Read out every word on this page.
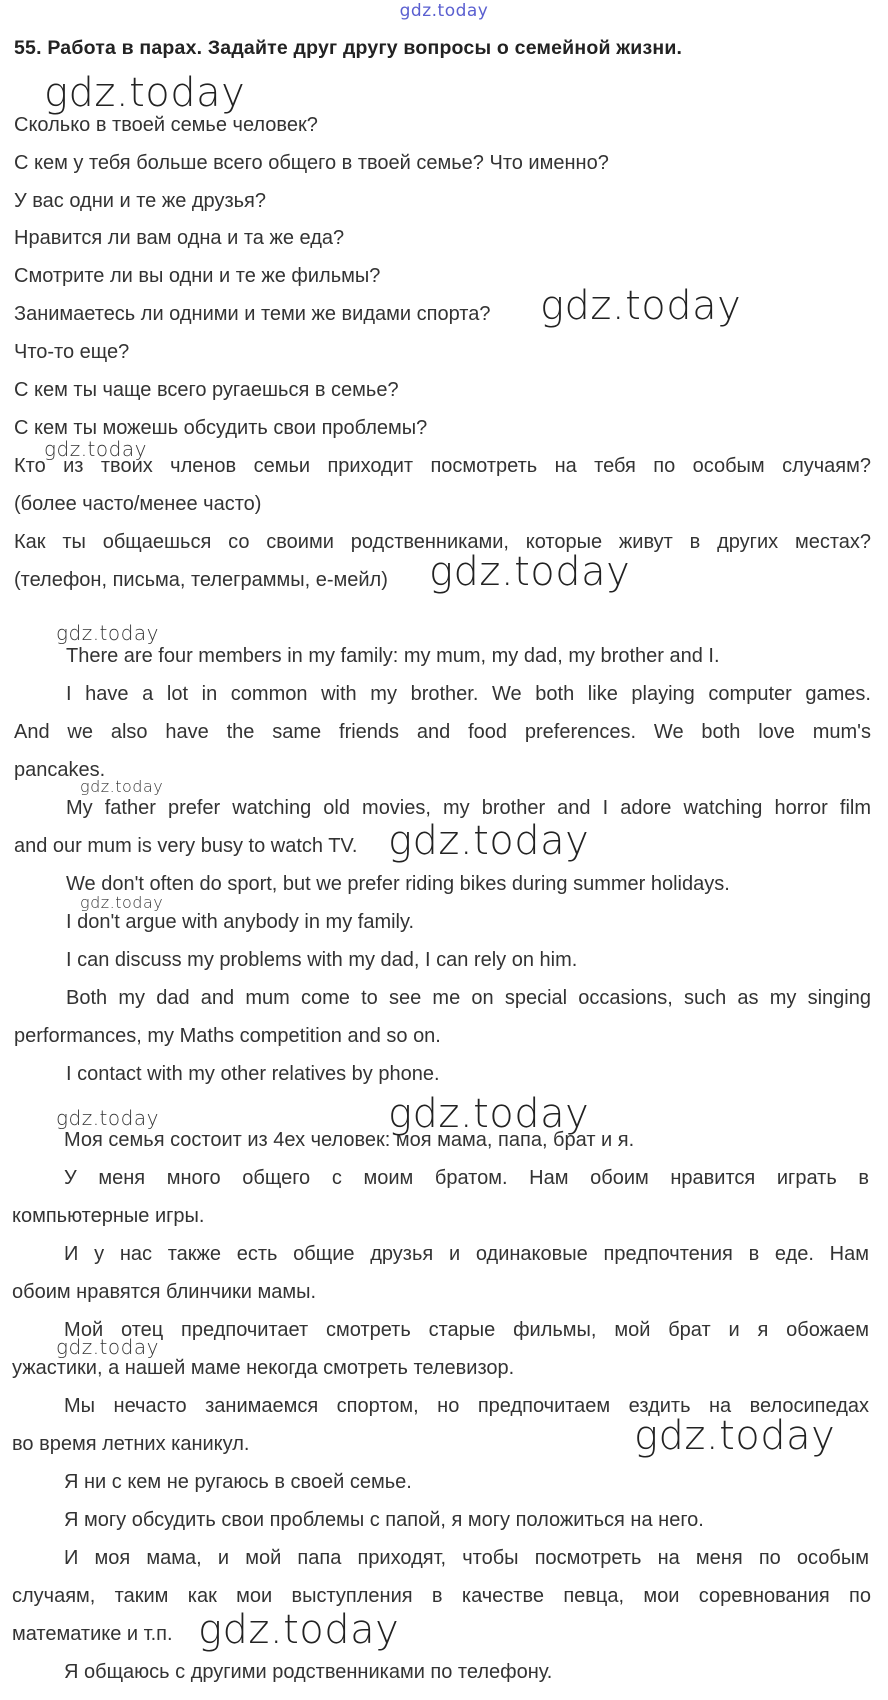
gdz.today
55. Работа в парах. Задайте друг другу вопросы о семейной жизни.
Сколько в твоей семье человек?
С кем у тебя больше всего общего в твоей семье? Что именно?
У вас одни и те же друзья?
Нравится ли вам одна и та же еда?
Смотрите ли вы одни и те же фильмы?
Занимаетесь ли одними и теми же видами спорта?
Что-то еще?
С кем ты чаще всего ругаешься в семье?
С кем ты можешь обсудить свои проблемы?
Кто из твоих членов семьи приходит посмотреть на тебя по особым случаям?
(более часто/менее часто)
Как ты общаешься со своими родственниками, которые живут в других местах?
(телефон, письма, телеграммы, е-мейл)
There are four members in my family: my mum, my dad, my brother and I.
I have a lot in common with my brother. We both like playing computer games.
And we also have the same friends and food preferences. We both love mum's
pancakes.
My father prefer watching old movies, my brother and I adore watching horror film
and our mum is very busy to watch TV.
We don't often do sport, but we prefer riding bikes during summer holidays.
I don't argue with anybody in my family.
I can discuss my problems with my dad, I can rely on him.
Both my dad and mum come to see me on special occasions, such as my singing
performances, my Maths competition and so on.
I contact with my other relatives by phone.
Моя семья состоит из 4ех человек: моя мама, папа, брат и я.
У меня много общего с моим братом. Нам обоим нравится играть в
компьютерные игры.
И у нас также есть общие друзья и одинаковые предпочтения в еде. Нам
обоим нравятся блинчики мамы.
Мой отец предпочитает смотреть старые фильмы, мой брат и я обожаем
ужастики, а нашей маме некогда смотреть телевизор.
Мы нечасто занимаемся спортом, но предпочитаем ездить на велосипедах
во время летних каникул.
Я ни с кем не ругаюсь в своей семье.
Я могу обсудить свои проблемы с папой, я могу положиться на него.
И моя мама, и мой папа приходят, чтобы посмотреть на меня по особым
случаям, таким как мои выступления в качестве певца, мои соревнования по
математике и т.п.
Я общаюсь с другими родственниками по телефону.
gdz.today
gdz.today
gdz.today
gdz.today
gdz.today
gdz.today
gdz.today
gdz.today
gdz.today	gdz.today
gdz.today
gdz.today
gdz.today
